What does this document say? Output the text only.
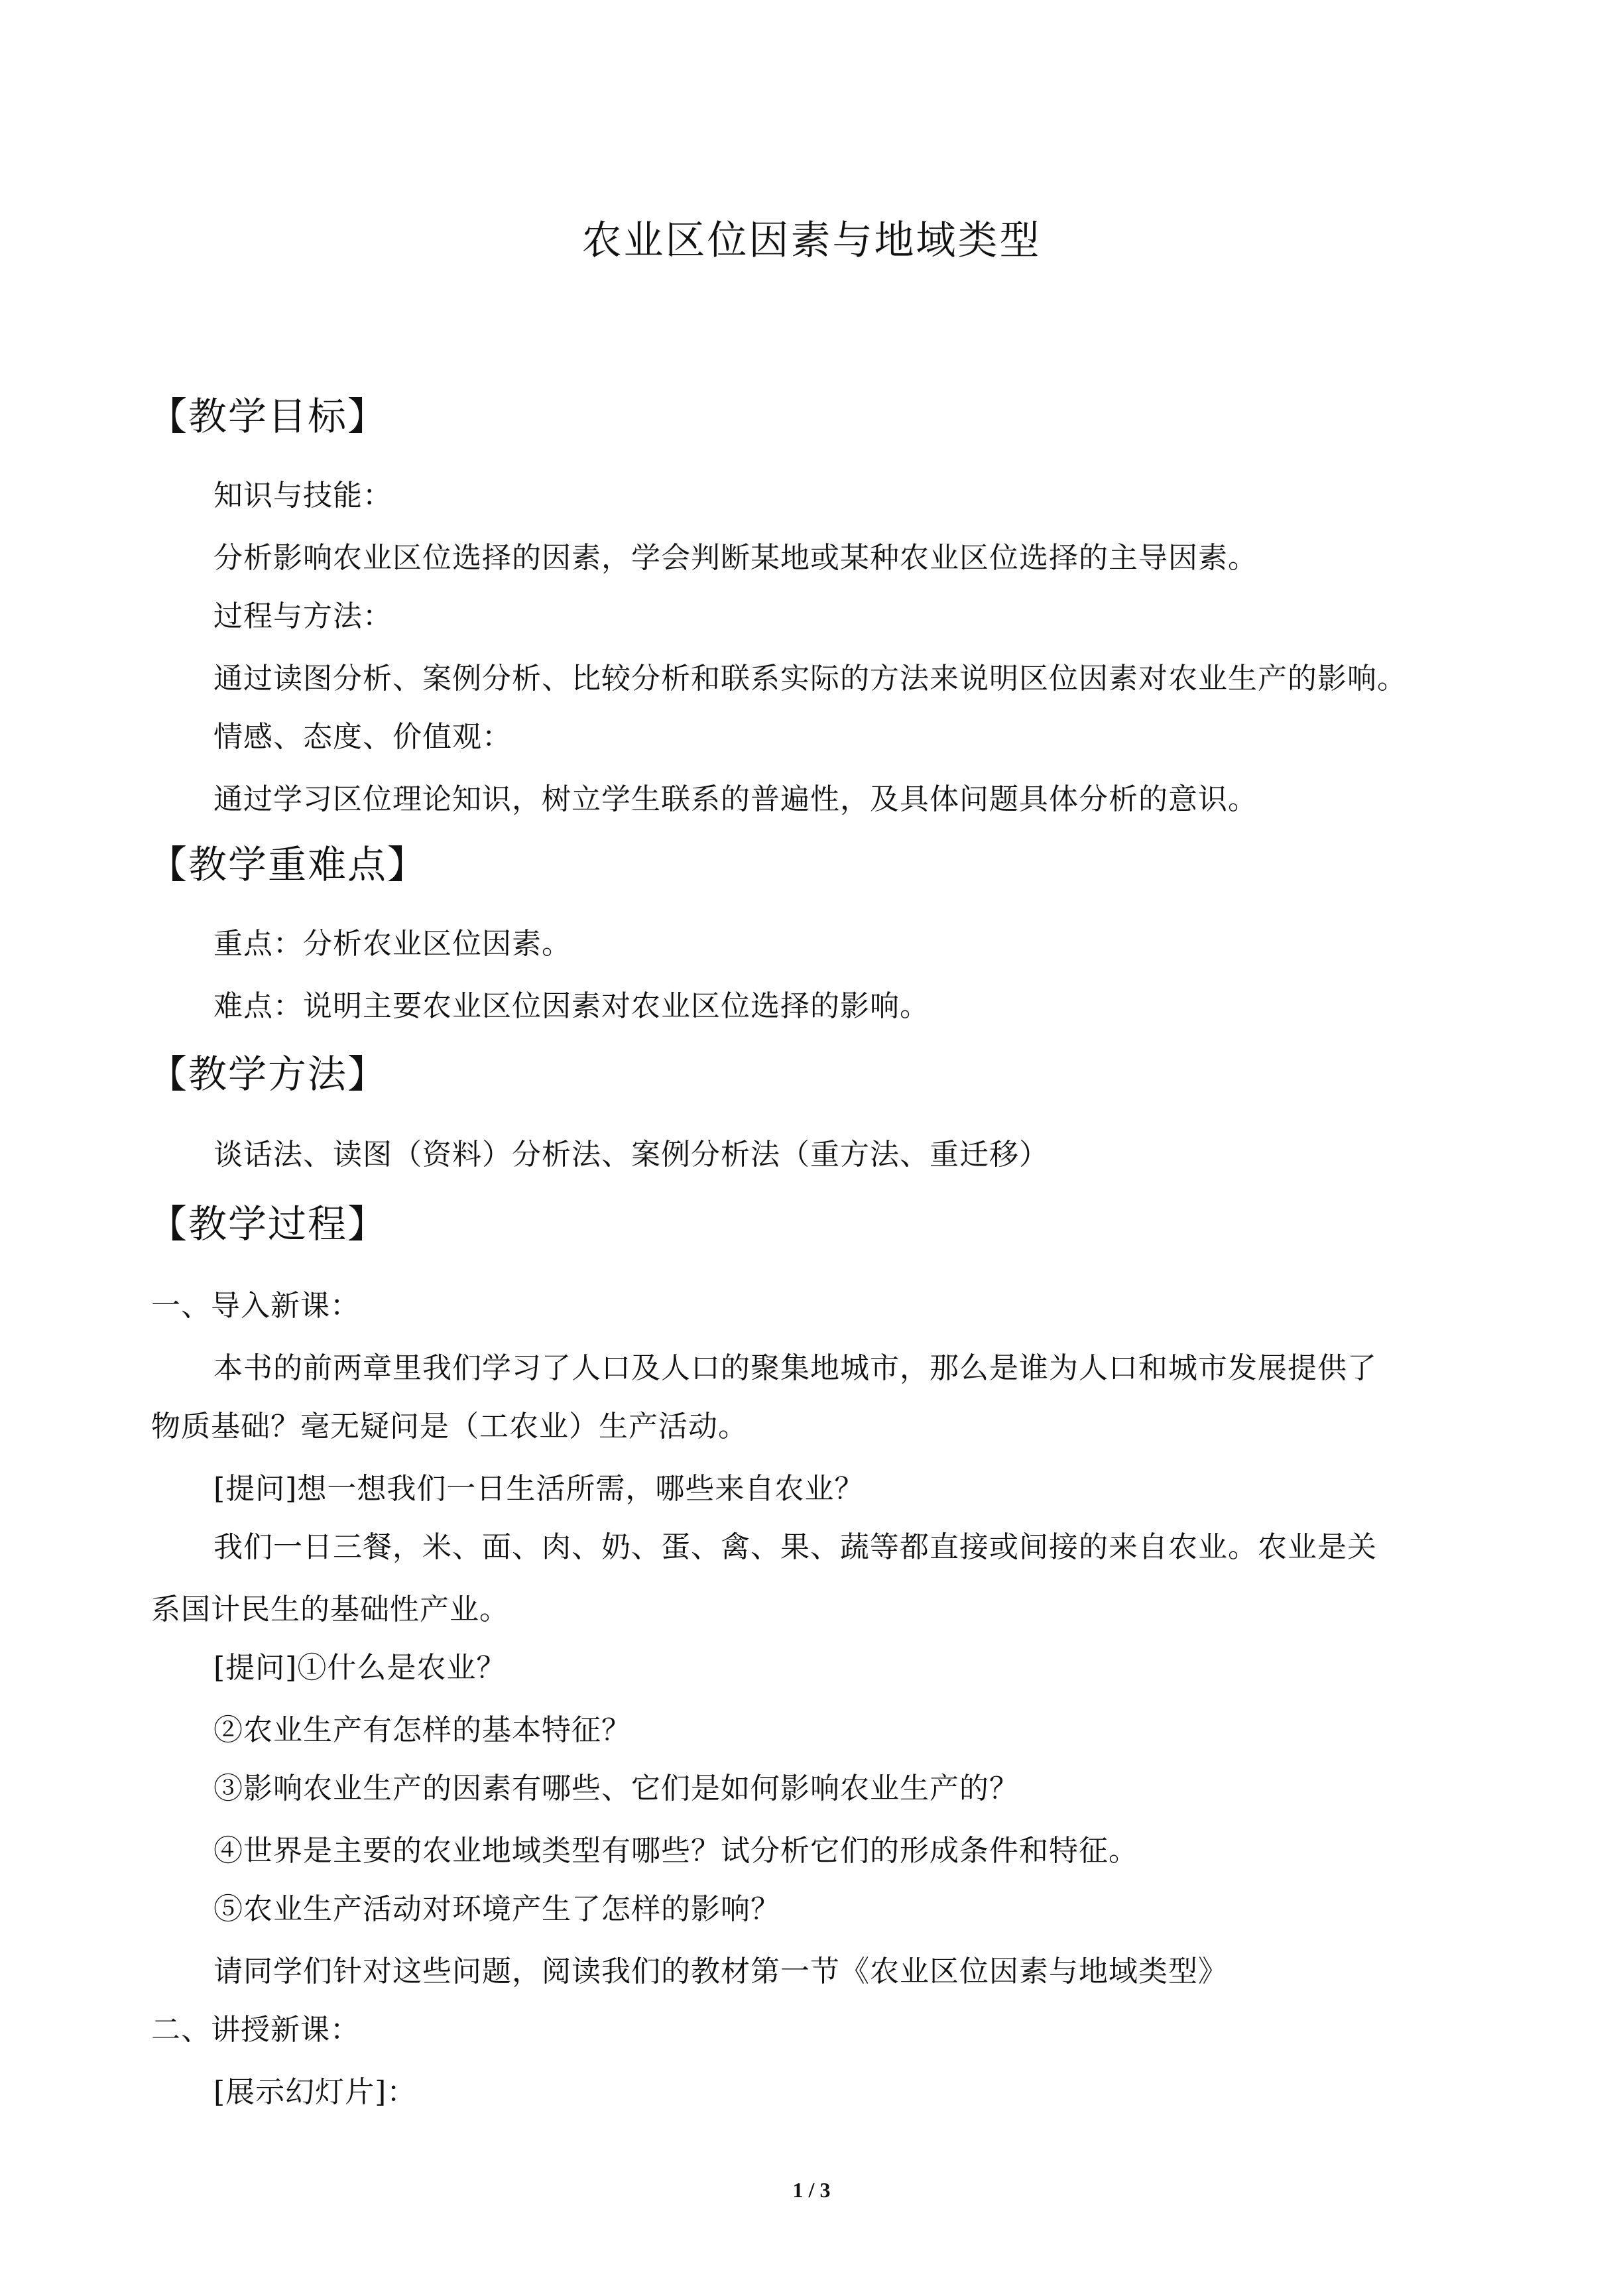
农业区位因素与地域类型
【教学目标】
知识与技能：
分析影响农业区位选择的因素，学会判断某地或某种农业区位选择的主导因素。
过程与方法：
通过读图分析、案例分析、比较分析和联系实际的方法来说明区位因素对农业生产的影响。
情感、态度、价值观：
通过学习区位理论知识，树立学生联系的普遍性，及具体问题具体分析的意识。
【教学重难点】
重点：分析农业区位因素。
难点：说明主要农业区位因素对农业区位选择的影响。
【教学方法】
谈话法、读图（资料）分析法、案例分析法（重方法、重迁移）
【教学过程】
一、导入新课：
本书的前两章里我们学习了人口及人口的聚集地城市，那么是谁为人口和城市发展提供了
物质基础？毫无疑问是（工农业）生产活动。
[提问]想一想我们一日生活所需，哪些来自农业？
我们一日三餐，米、面、肉、奶、蛋、禽、果、蔬等都直接或间接的来自农业。农业是关
系国计民生的基础性产业。
[提问]①什么是农业？
②农业生产有怎样的基本特征？
③影响农业生产的因素有哪些、它们是如何影响农业生产的？
④世界是主要的农业地域类型有哪些？试分析它们的形成条件和特征。
⑤农业生产活动对环境产生了怎样的影响？
请同学们针对这些问题，阅读我们的教材第一节《农业区位因素与地域类型》
二、讲授新课：
[展示幻灯片]：
1 / 3
